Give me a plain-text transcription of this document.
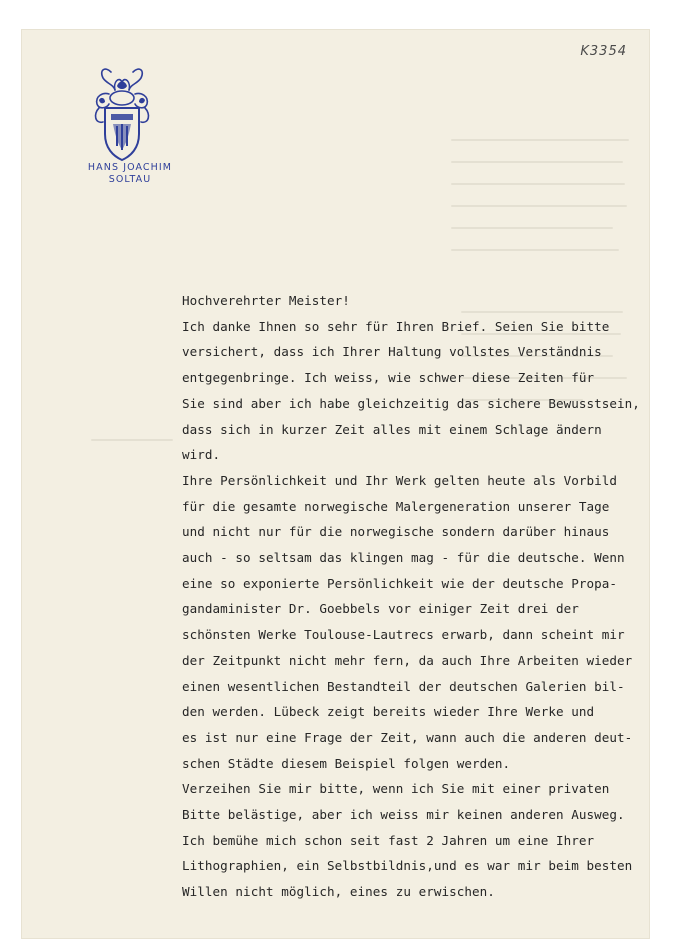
K3354
HANS JOACHIM
SOLTAU
Hochverehrter Meister!
Ich danke Ihnen so sehr für Ihren Brief. Seien Sie bitte
versichert, dass ich Ihrer Haltung vollstes Verständnis
entgegenbringe. Ich weiss, wie schwer diese Zeiten für
Sie sind aber ich habe gleichzeitig das sichere Bewusstsein,
dass sich in kurzer Zeit alles mit einem Schlage ändern
wird.
Ihre Persönlichkeit und Ihr Werk gelten heute als Vorbild
für die gesamte norwegische Malergeneration unserer Tage
und nicht nur für die norwegische sondern darüber hinaus
auch - so seltsam das klingen mag - für die deutsche. Wenn
eine so exponierte Persönlichkeit wie der deutsche Propa-
gandaminister Dr. Goebbels vor einiger Zeit drei der
schönsten Werke Toulouse-Lautrecs erwarb, dann scheint mir
der Zeitpunkt nicht mehr fern, da auch Ihre Arbeiten wieder
einen wesentlichen Bestandteil der deutschen Galerien bil-
den werden. Lübeck zeigt bereits wieder Ihre Werke und
es ist nur eine Frage der Zeit, wann auch die anderen deut-
schen Städte diesem Beispiel folgen werden.
Verzeihen Sie mir bitte, wenn ich Sie mit einer privaten
Bitte belästige, aber ich weiss mir keinen anderen Ausweg.
Ich bemühe mich schon seit fast 2 Jahren um eine Ihrer
Lithographien, ein Selbstbildnis,und es war mir beim besten
Willen nicht möglich, eines zu erwischen.
